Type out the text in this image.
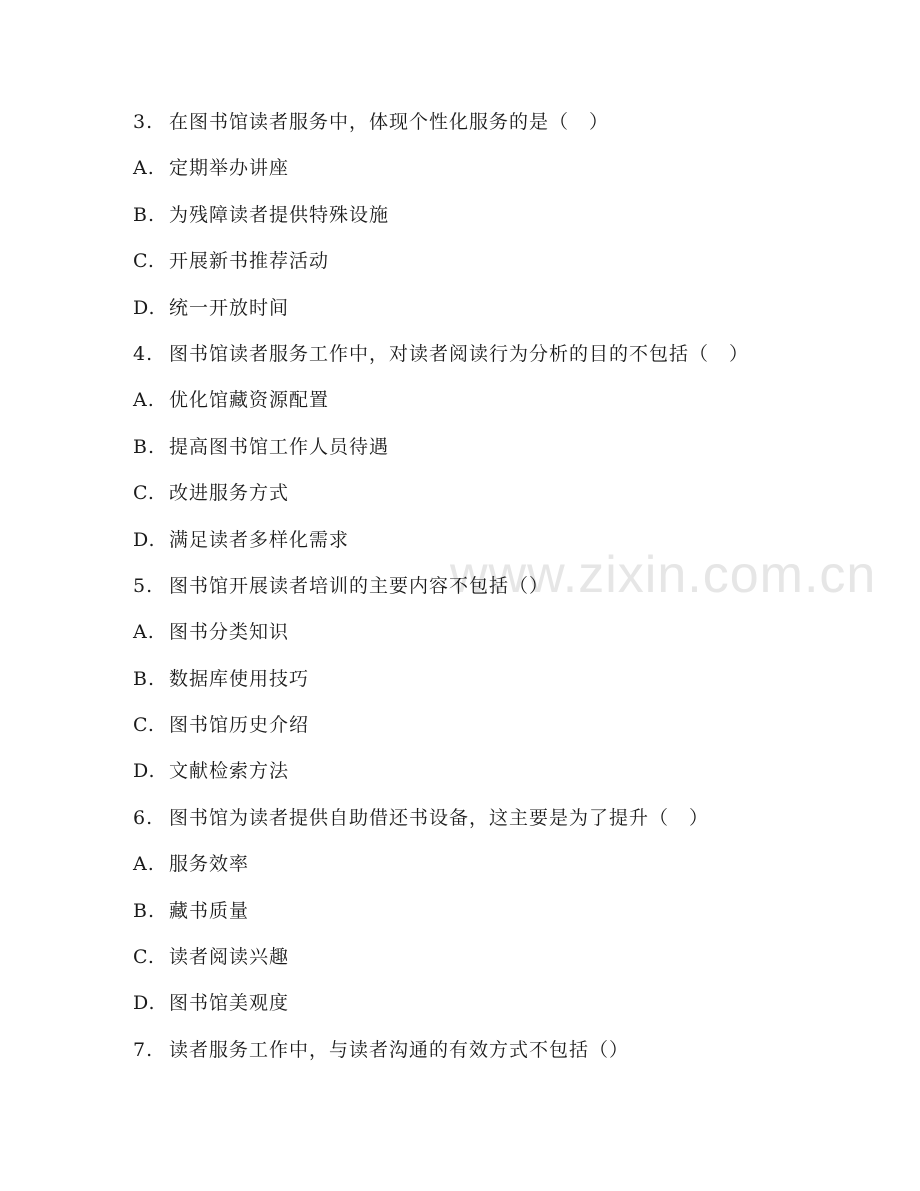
www.zixin.com.cn
3. 在图书馆读者服务中，体现个性化服务的是（　）
A. 定期举办讲座
B. 为残障读者提供特殊设施
C. 开展新书推荐活动
D. 统一开放时间
4. 图书馆读者服务工作中，对读者阅读行为分析的目的不包括（　）
A. 优化馆藏资源配置
B. 提高图书馆工作人员待遇
C. 改进服务方式
D. 满足读者多样化需求
5. 图书馆开展读者培训的主要内容不包括（）
A. 图书分类知识
B. 数据库使用技巧
C. 图书馆历史介绍
D. 文献检索方法
6. 图书馆为读者提供自助借还书设备，这主要是为了提升（　）
A. 服务效率
B. 藏书质量
C. 读者阅读兴趣
D. 图书馆美观度
7. 读者服务工作中，与读者沟通的有效方式不包括（）
